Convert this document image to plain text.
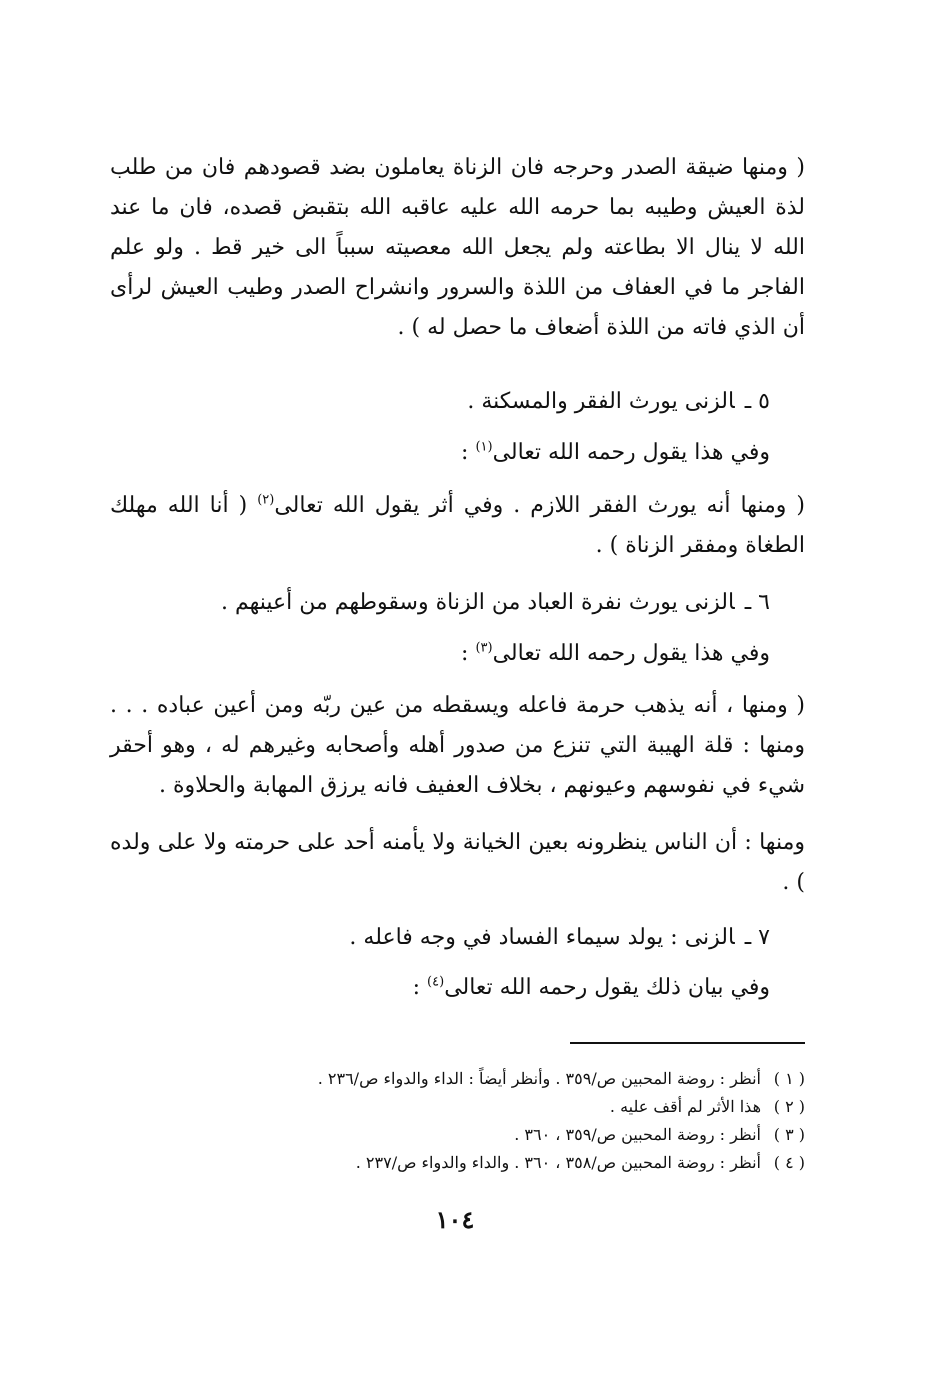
( ومنها ضيقة الصدر وحرجه فان الزناة يعاملون بضد قصودهم فان من طلب لذة العيش وطيبه بما حرمه الله عليه عاقبه الله بتقبض قصده، فان ما عند الله لا ينال الا بطاعته ولم يجعل الله معصيته سبباً الى خير قط . ولو علم الفاجر ما في العفاف من اللذة والسرور وانشراح الصدر وطيب العيش لرأى أن الذي فاته من اللذة أضعاف ما حصل له ) .

٥ ـالزنى يورث الفقر والمسكنة .
وفي هذا يقول رحمه الله تعالى$^{(١)}$ :

( ومنها أنه يورث الفقر اللازم . وفي أثر يقول الله تعالى$^{(٢)}$ ( أنا الله مهلك الطغاة ومفقر الزناة ) .

٦ ـالزنى يورث نفرة العباد من الزناة وسقوطهم من أعينهم .
وفي هذا يقول رحمه الله تعالى$^{(٣)}$ :

( ومنها ، أنه يذهب حرمة فاعله ويسقطه من عين ربّه ومن أعين عباده . . . ومنها : قلة الهيبة التي تنزع من صدور أهله وأصحابه وغيرهم له ، وهو أحقر شيء في نفوسهم وعيونهم ، بخلاف العفيف فانه يرزق المهابة والحلاوة .

ومنها : أن الناس ينظرونه بعين الخيانة ولا يأمنه أحد على حرمته ولا على ولده ) .

٧ ـالزنى : يولد سيماء الفساد في وجه فاعله .
وفي بيان ذلك يقول رحمه الله تعالى$^{(٤)}$ :
( ١ )
أنظر : روضة المحبين ص/٣٥٩ . وأنظر أيضاً : الداء والدواء ص/٢٣٦ .
( ٢ )
هذا الأثر لم أقف عليه .
( ٣ )
أنظر : روضة المحبين ص/٣٥٩ ، ٣٦٠ .
( ٤ )
أنظر : روضة المحبين ص/٣٥٨ ، ٣٦٠ . والداء والدواء ص/٢٣٧ .
١٠٤
